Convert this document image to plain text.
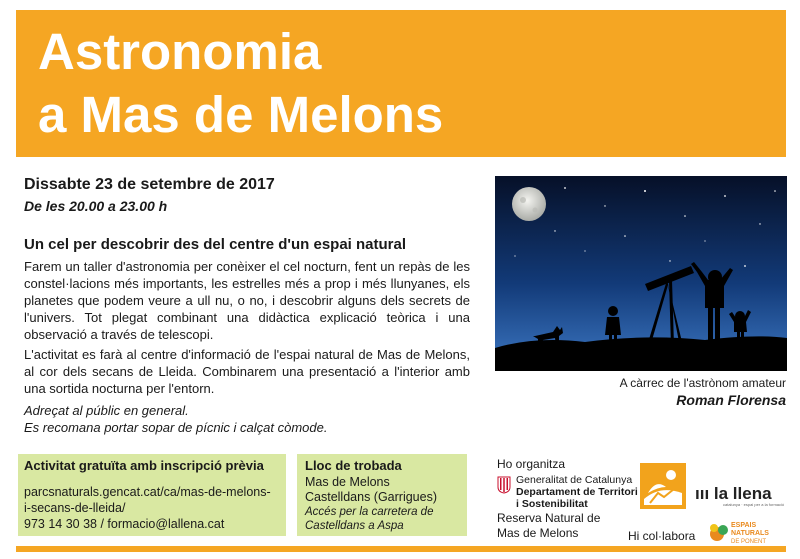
Astronomia
a Mas de Melons
Dissabte 23 de setembre de 2017
De les 20.00 a 23.00 h
Un cel per descobrir des del centre d'un espai natural

Farem un taller d'astronomia per conèixer el cel nocturn, fent un repàs de les constel·lacions més importants, les estrelles més a prop i més llunyanes, els planetes que podem veure a ull nu, o no, i descobrir alguns dels secrets de l'univers. Tot plegat combinant una didàctica explicació teòrica i una observació a través de telescopi.

L'activitat es farà al centre d'informació de l'espai natural de Mas de Melons, al cor dels secans de Lleida. Combinarem una presentació a l'interior amb una sortida nocturna per l'entorn.

Adreçat al públic en general.
Es recomana portar sopar de pícnic i calçat còmode.
A càrrec de l'astrònom amateur
Roman Florensa
Activitat gratuïta amb inscripció prèvia
parcsnaturals.gencat.cat/ca/mas-de-melons-
i-secans-de-lleida/
973 14 30 38 / formacio@lallena.cat
Lloc de trobada
Mas de Melons
Castelldans (Garrigues)
Accés per la carretera de
Castelldans a Aspa
Ho organitza
Generalitat de Catalunya
Departament de Territori
i Sostenibilitat
Reserva Natural de
Mas de Melons
ııı la llena
catalunya · espai per a la formació
Hi col·labora
ESPAIS
NATURALS
DE PONENT
